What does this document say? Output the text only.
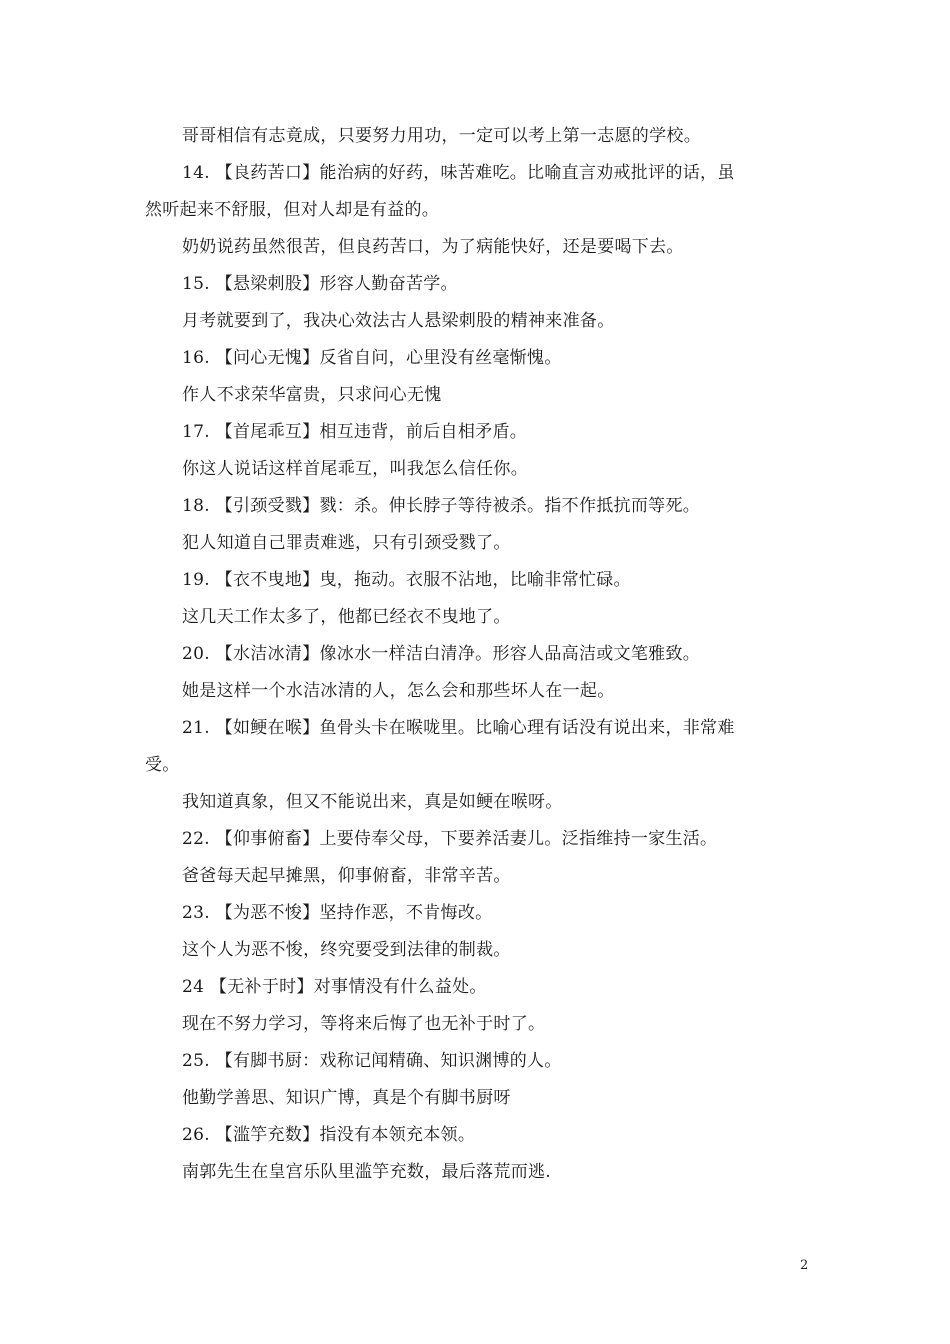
哥哥相信有志竟成，只要努力用功，一定可以考上第一志愿的学校。
14. 【良药苦口】能治病的好药，味苦难吃。比喻直言劝戒批评的话，虽
然听起来不舒服，但对人却是有益的。
奶奶说药虽然很苦，但良药苦口，为了病能快好，还是要喝下去。
15. 【悬梁刺股】形容人勤奋苦学。
月考就要到了，我决心效法古人悬梁刺股的精神来准备。
16. 【问心无愧】反省自问，心里没有丝毫惭愧。
作人不求荣华富贵，只求问心无愧
17. 【首尾乖互】相互违背，前后自相矛盾。
你这人说话这样首尾乖互，叫我怎么信任你。
18. 【引颈受戮】戮：杀。伸长脖子等待被杀。指不作抵抗而等死。
犯人知道自己罪责难逃，只有引颈受戮了。
19. 【衣不曳地】曳，拖动。衣服不沾地，比喻非常忙碌。
这几天工作太多了，他都已经衣不曳地了。
20. 【水洁冰清】像冰水一样洁白清净。形容人品高洁或文笔雅致。
她是这样一个水洁冰清的人，怎么会和那些坏人在一起。
21. 【如鲠在喉】鱼骨头卡在喉咙里。比喻心理有话没有说出来，非常难
受。
我知道真象，但又不能说出来，真是如鲠在喉呀。
22. 【仰事俯畜】上要侍奉父母，下要养活妻儿。泛指维持一家生活。
爸爸每天起早摊黑，仰事俯畜，非常辛苦。
23. 【为恶不悛】坚持作恶，不肯悔改。
这个人为恶不悛，终究要受到法律的制裁。
24 【无补于时】对事情没有什么益处。
现在不努力学习，等将来后悔了也无补于时了。
25. 【有脚书厨：戏称记闻精确、知识渊博的人。
他勤学善思、知识广博，真是个有脚书厨呀
26. 【滥竽充数】指没有本领充本领。
南郭先生在皇宫乐队里滥竽充数，最后落荒而逃.
2
